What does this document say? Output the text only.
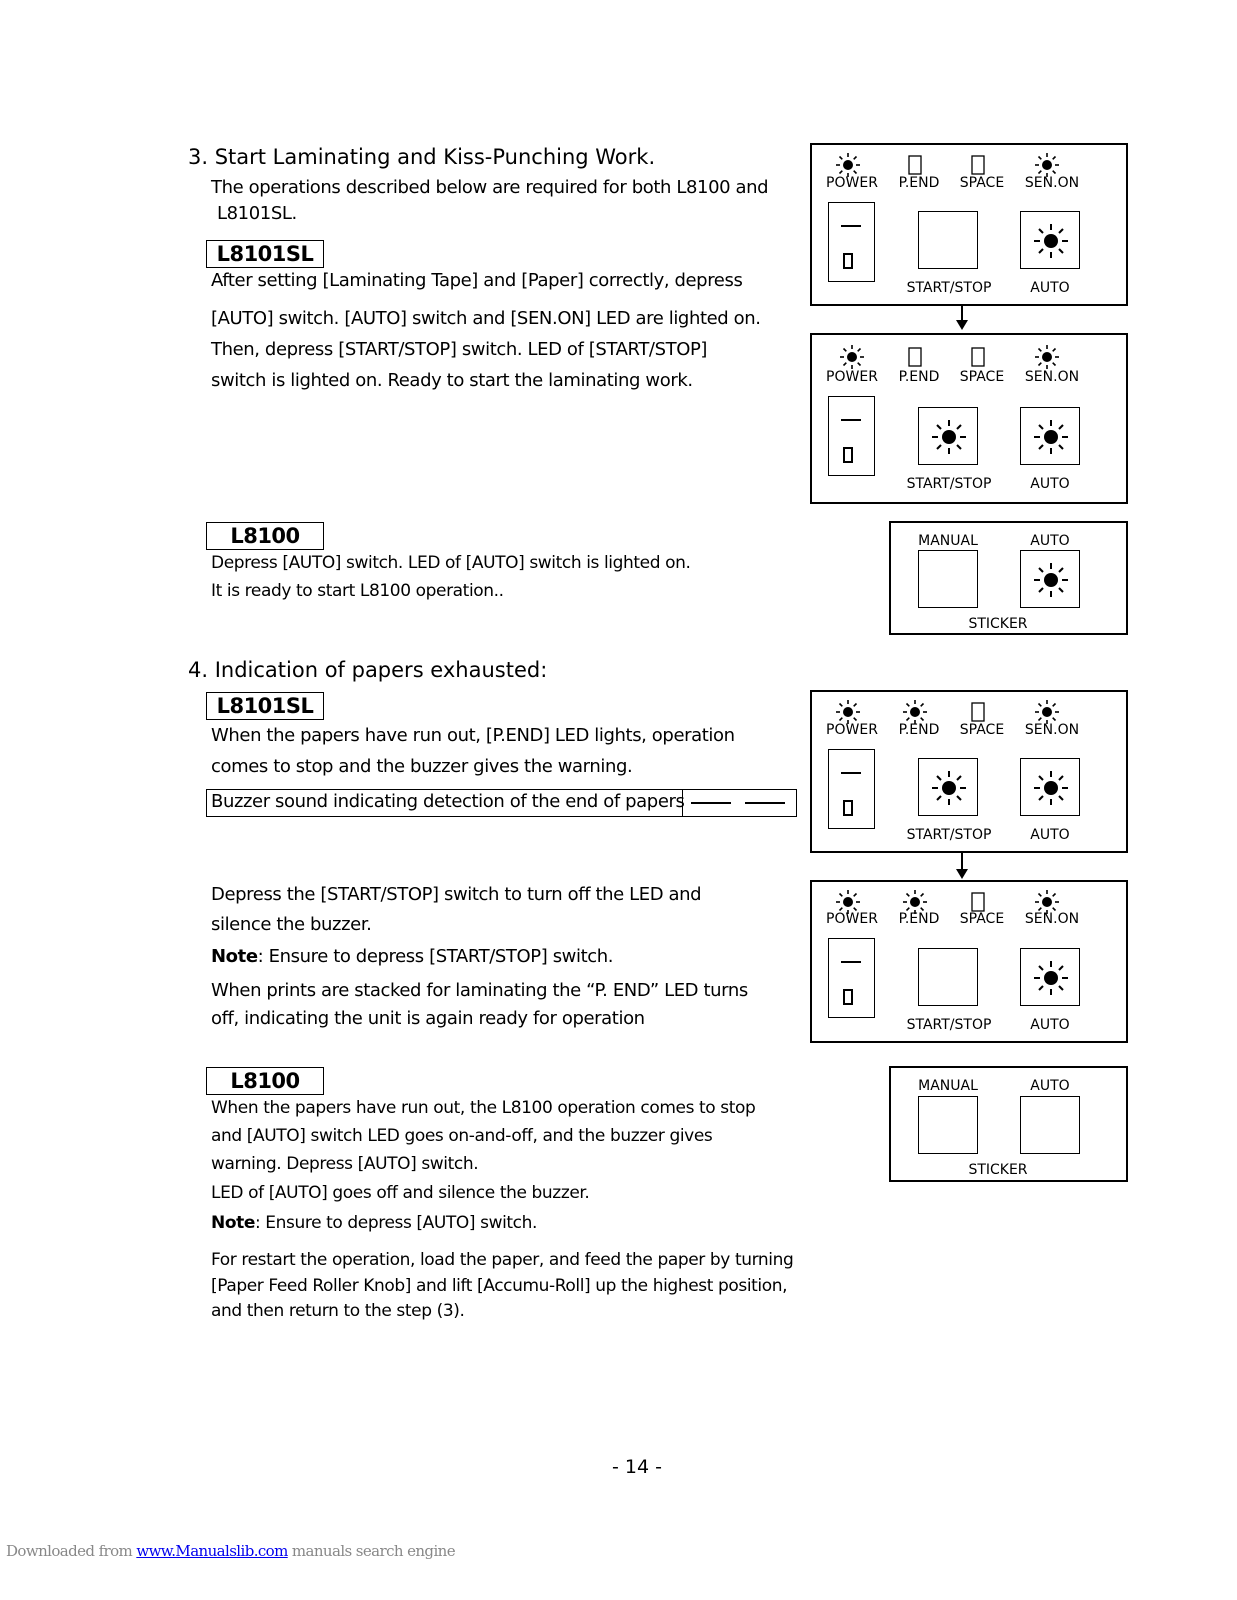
3. Start Laminating and Kiss-Punching Work.
The operations described below are required for both L8100 and
L8101SL.
L8101SL
After setting [Laminating Tape] and [Paper] correctly, depress
[AUTO] switch. [AUTO] switch and [SEN.ON] LED are lighted on.
Then, depress [START/STOP] switch. LED of [START/STOP]
switch is lighted on. Ready to start the laminating work.
L8100
Depress [AUTO] switch. LED of [AUTO] switch is lighted on.
It is ready to start L8100 operation..
4. Indication of papers exhausted:
L8101SL
When the papers have run out, [P.END] LED lights, operation
comes to stop and the buzzer gives the warning.
Buzzer sound indicating detection of the end of papers
Depress the [START/STOP] switch to turn off the LED and
silence the buzzer.
Note: Ensure to depress [START/STOP] switch.
When prints are stacked for laminating the “P. END” LED turns
off, indicating the unit is again ready for operation
L8100
When the papers have run out, the L8100 operation comes to stop
and [AUTO] switch LED goes on-and-off, and the buzzer gives
warning. Depress [AUTO] switch.
LED of [AUTO] goes off and silence the buzzer.
Note: Ensure to depress [AUTO] switch.
For restart the operation, load the paper, and feed the paper by turning
[Paper Feed Roller Knob] and lift [Accumu-Roll] up the highest position,
and then return to the step (3).
POWER	P.END	SPACE	SEN.ON
START/STOP	AUTO
POWER	P.END	SPACE	SEN.ON
START/STOP	AUTO
MANUAL	AUTO
STICKER
POWER	P.END	SPACE	SEN.ON
START/STOP	AUTO
POWER	P.END	SPACE	SEN.ON
START/STOP	AUTO
MANUAL	AUTO
STICKER
- 14 -
Downloaded from www.Manualslib.com manuals search engine
